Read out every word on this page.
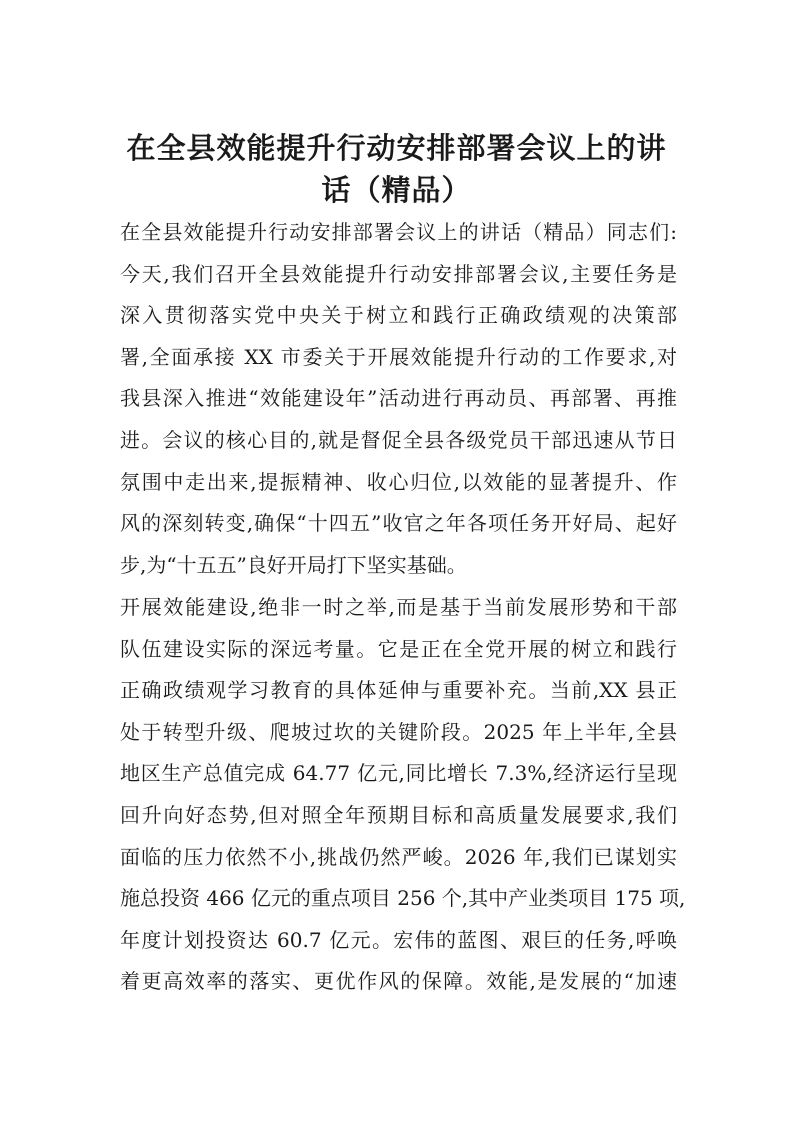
在全县效能提升行动安排部署会议上的讲
话（精品）
在全县效能提升行动安排部署会议上的讲话（精品）同志们:
今天,我们召开全县效能提升行动安排部署会议,主要任务是
深入贯彻落实党中央关于树立和践行正确政绩观的决策部
署,全面承接 XX 市委关于开展效能提升行动的工作要求,对
我县深入推进“效能建设年”活动进行再动员、再部署、再推
进。会议的核心目的,就是督促全县各级党员干部迅速从节日
氛围中走出来,提振精神、收心归位,以效能的显著提升、作
风的深刻转变,确保“十四五”收官之年各项任务开好局、起好
步,为“十五五”良好开局打下坚实基础。
开展效能建设,绝非一时之举,而是基于当前发展形势和干部
队伍建设实际的深远考量。它是正在全党开展的树立和践行
正确政绩观学习教育的具体延伸与重要补充。当前,XX 县正
处于转型升级、爬坡过坎的关键阶段。2025 年上半年,全县
地区生产总值完成 64.77 亿元,同比增长 7.3%,经济运行呈现
回升向好态势,但对照全年预期目标和高质量发展要求,我们
面临的压力依然不小,挑战仍然严峻。2026 年,我们已谋划实
施总投资 466 亿元的重点项目 256 个,其中产业类项目 175 项,
年度计划投资达 60.7 亿元。宏伟的蓝图、艰巨的任务,呼唤
着更高效率的落实、更优作风的保障。效能,是发展的“加速
